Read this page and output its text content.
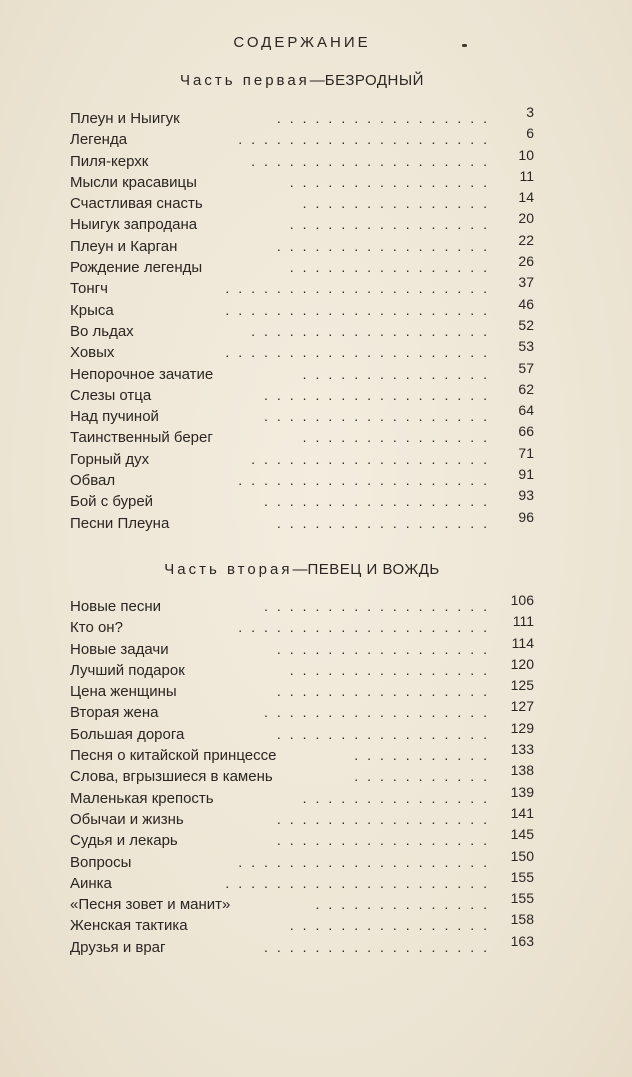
СОДЕРЖАНИЕ
Часть первая—БЕЗРОДНЫЙ
Плеун и Ныигук	................. 3
Легенда	.................... 6
Пиля-керхк	................... 10
Мысли красавицы	................ 11
Счастливая снасть	............... 14
Ныигук запродана	................ 20
Плеун и Карган	................. 22
Рождение легенды	................ 26
Тонгч	..................... 37
Крыса	..................... 46
Во льдах	................... 52
Ховых	..................... 53
Непорочное зачатие	............... 57
Слезы отца	.................. 62
Над пучиной	.................. 64
Таинственный берег	............... 66
Горный дух	................... 71
Обвал	.................... 91
Бой с бурей	.................. 93
Песни Плеуна	................. 96
Часть вторая—ПЕВЕЦ И ВОЖДЬ
Новые песни	.................. 106
Кто он?	.................... 111
Новые задачи	................. 114
Лучший подарок	................ 120
Цена женщины	................. 125
Вторая жена	.................. 127
Большая дорога	................. 129
Песня о китайской принцессе	........... 133
Слова, вгрызшиеся в камень	........... 138
Маленькая крепость	............... 139
Обычаи и жизнь	................. 141
Судья и лекарь	................. 145
Вопросы	.................... 150
Аинка	..................... 155
«Песня зовет и манит»	.............. 155
Женская тактика	................ 158
Друзья и враг	.................. 163
